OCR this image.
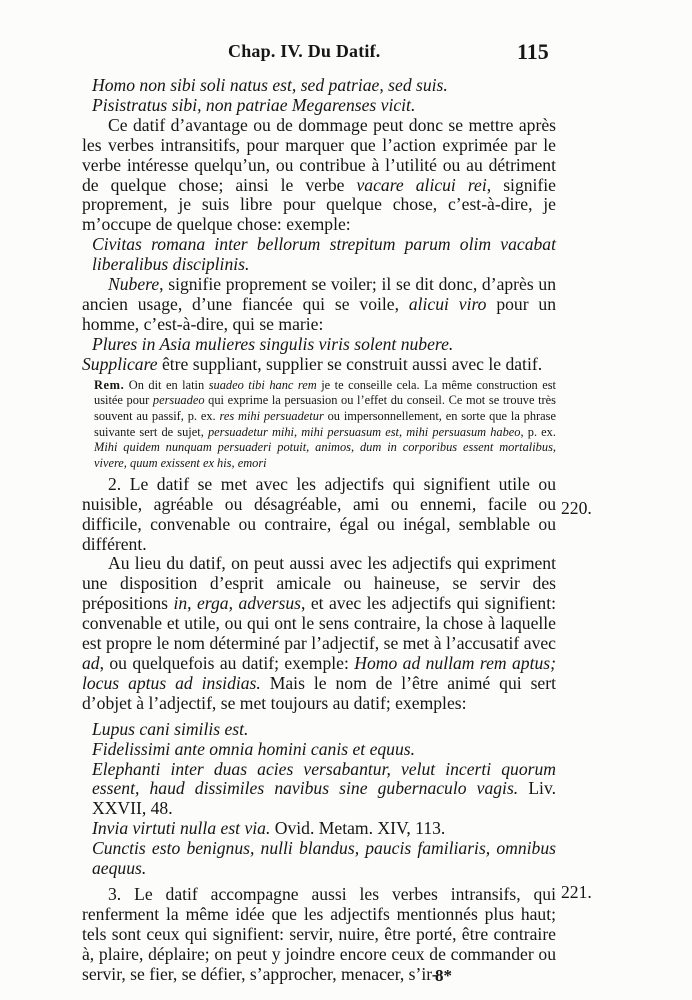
Chap. IV. Du Datif.	115

Homo non sibi soli natus est, sed patriae, sed suis.

Pisistratus sibi, non patriae Megarenses vicit.

Ce datif d’avantage ou de dommage peut donc se mettre après les verbes intransitifs, pour marquer que l’action exprimée par le verbe intéresse quelqu’un, ou contribue à l’utilité ou au détriment de quelque chose; ainsi le verbe vacare alicui rei, signifie proprement, je suis libre pour quelque chose, c’est-à-dire, je m’occupe de quelque chose: exemple:

Civitas romana inter bellorum strepitum parum olim vacabat liberalibus disciplinis.

Nubere, signifie proprement se voiler; il se dit donc, d’après un ancien usage, d’une fiancée qui se voile, alicui viro pour un homme, c’est-à-dire, qui se marie:

Plures in Asia mulieres singulis viris solent nubere.

Supplicare être suppliant, supplier se construit aussi avec le datif.

Rem. On dit en latin suadeo tibi hanc rem je te conseille cela. La même construction est usitée pour persuadeo qui exprime la persuasion ou l’effet du conseil. Ce mot se trouve très souvent au passif, p. ex. res mihi persuadetur ou impersonnellement, en sorte que la phrase suivante sert de sujet, persuadetur mihi, mihi persuasum est, mihi persuasum habeo, p. ex. Mihi quidem nunquam persuaderi potuit, animos, dum in corporibus essent mortalibus, vivere, quum exissent ex his, emori

2. Le datif se met avec les adjectifs qui signifient utile ou nuisible, agréable ou désagréable, ami ou ennemi, facile ou difficile, convenable ou contraire, égal ou inégal, semblable ou différent.

Au lieu du datif, on peut aussi avec les adjectifs qui expriment une disposition d’esprit amicale ou haineuse, se servir des prépositions in, erga, adversus, et avec les adjectifs qui signifient: convenable et utile, ou qui ont le sens contraire, la chose à laquelle est propre le nom déterminé par l’adjectif, se met à l’accusatif avec ad, ou quelquefois au datif; exemple: Homo ad nullam rem aptus; locus aptus ad insidias. Mais le nom de l’être animé qui sert d’objet à l’adjectif, se met toujours au datif; exemples:

Lupus cani similis est.

Fidelissimi ante omnia homini canis et equus.

Elephanti inter duas acies versabantur, velut incerti quorum essent, haud dissimiles navibus sine gubernaculo vagis. Liv. XXVII, 48.

Invia virtuti nulla est via. Ovid. Metam. XIV, 113.

Cunctis esto benignus, nulli blandus, paucis familiaris, omnibus aequus.

3. Le datif accompagne aussi les verbes intransifs, qui renferment la même idée que les adjectifs mentionnés plus haut; tels sont ceux qui signifient: servir, nuire, être porté, être contraire à, plaire, déplaire; on peut y joindre encore ceux de commander ou servir, se fier, se défier, s’approcher, menacer, s’ir-

220.
221.
8*
